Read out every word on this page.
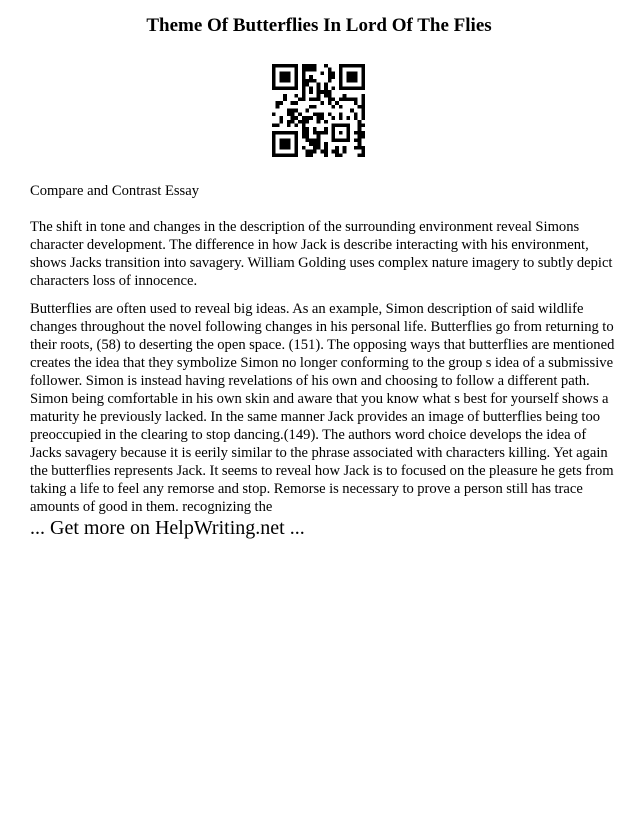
Theme Of Butterflies In Lord Of The Flies

Compare and Contrast Essay

The shift in tone and changes in the description of the surrounding environment reveal Simons character development. The difference in how Jack is describe interacting with his environment, shows Jacks transition into savagery. William Golding uses complex nature imagery to subtly depict characters loss of innocence.

Butterflies are often used to reveal big ideas. As an example, Simon description of said wildlife changes throughout the novel following changes in his personal life. Butterflies go from returning to their roots, (58) to deserting the open space. (151). The opposing ways that butterflies are mentioned creates the idea that they symbolize Simon no longer conforming to the group s idea of a submissive follower. Simon is instead having revelations of his own and choosing to follow a different path. Simon being comfortable in his own skin and aware that you know what s best for yourself shows a maturity he previously lacked. In the same manner Jack provides an image of butterflies being too preoccupied in the clearing to stop dancing.(149). The authors word choice develops the idea of Jacks savagery because it is eerily similar to the phrase associated with characters killing. Yet again the butterflies represents Jack. It seems to reveal how Jack is to focused on the pleasure he gets from taking a life to feel any remorse and stop. Remorse is necessary to prove a person still has trace amounts of good in them. recognizing the

... Get more on HelpWriting.net ...
